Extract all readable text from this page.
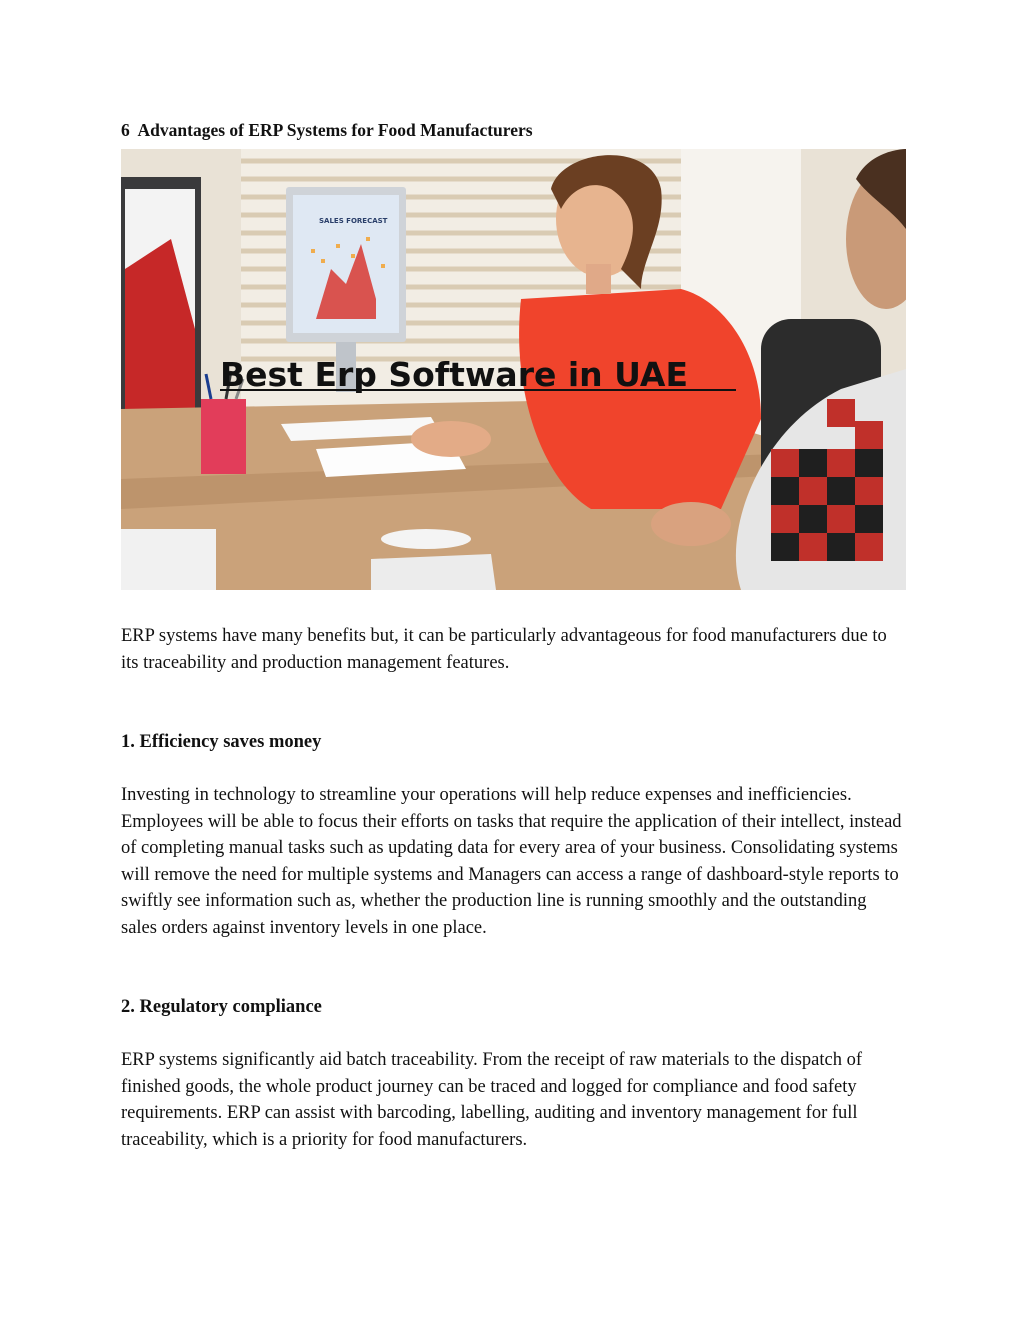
6  Advantages of ERP Systems for Food Manufacturers
SALES FORECAST
Best Erp Software in UAE

ERP systems have many benefits but, it can be particularly advantageous for food manufacturers due to its traceability and production management features.

1. Efficiency saves money

Investing in technology to streamline your operations will help reduce expenses and inefficiencies. Employees will be able to focus their efforts on tasks that require the application of their intellect, instead of completing manual tasks such as updating data for every area of your business. Consolidating systems will remove the need for multiple systems and Managers can access a range of dashboard-style reports to swiftly see information such as, whether the production line is running smoothly and the outstanding sales orders against inventory levels in one place.

2. Regulatory compliance

ERP systems significantly aid batch traceability. From the receipt of raw materials to the dispatch of finished goods, the whole product journey can be traced and logged for compliance and food safety requirements. ERP can assist with barcoding, labelling, auditing and inventory management for full traceability, which is a priority for food manufacturers.
